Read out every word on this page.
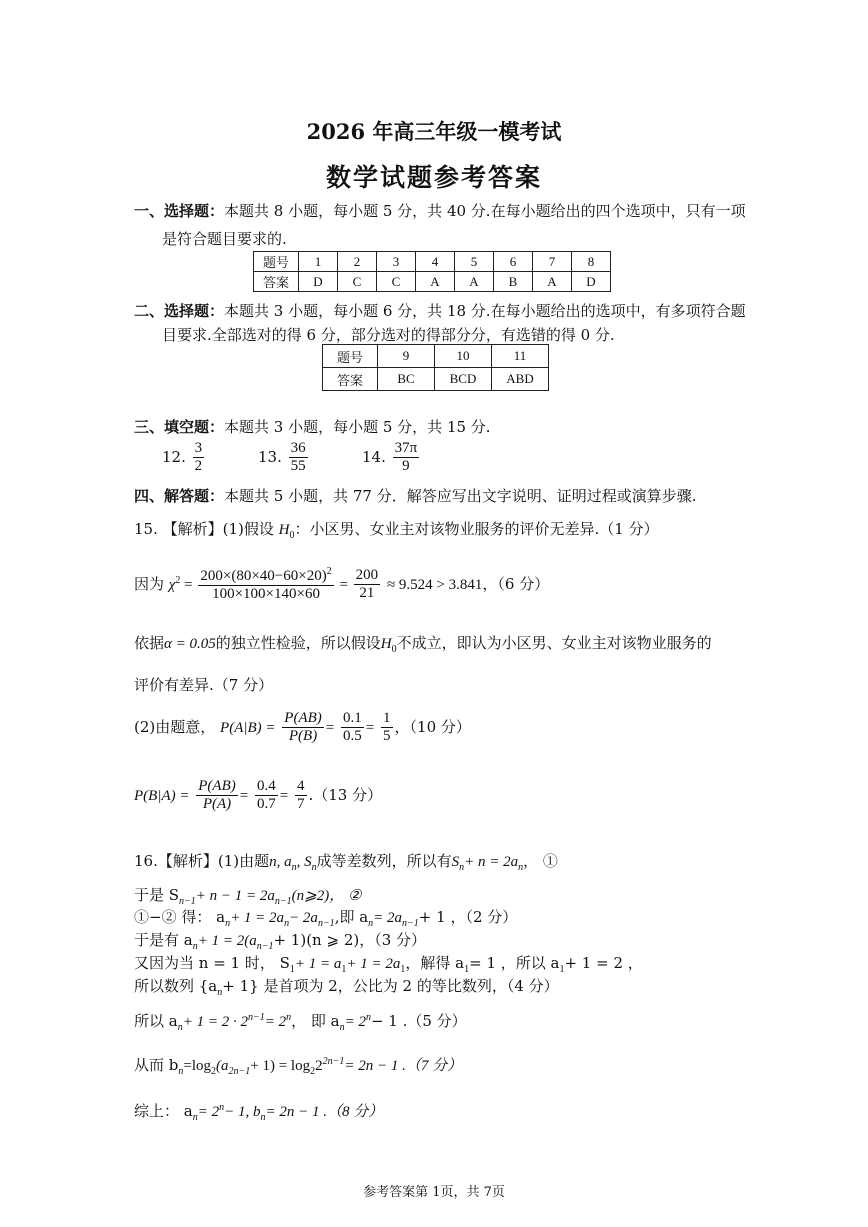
2026 年高三年级一模考试
数学试题参考答案
一、选择题：本题共 8 小题，每小题 5 分，共 40 分.在每小题给出的四个选项中，只有一项
是符合题目要求的.
题号	1	2	3	4	5	6	7	8
答案	D	C	C	A	A	B	A	D
二、选择题：本题共 3 小题，每小题 6 分，共 18 分.在每小题给出的选项中，有多项符合题
目要求.全部选对的得 6 分，部分选对的得部分分，有选错的得 0 分.
题号	9	10	11
答案	BC	BCD	ABD
三、填空题：本题共 3 小题，每小题 5 分，共 15 分.
12. $\frac{3}{2}$	13. $\frac{36}{55}$	14. $\frac{37\pi}{9}$
四、解答题：本题共 5 小题，共 77 分．解答应写出文字说明、证明过程或演算步骤.
15. 【解析】(1)假设 $H_0$：小区男、女业主对该物业服务的评价无差异.（1 分）
因为 $\chi^2 = \frac{200\times(80\times 40-60\times 20)^2}{100\times 100\times 140\times 60} = \frac{200}{21} \approx 9.524 > 3.841$，（6 分）
依据α = 0.05的独立性检验，所以假设$H_0$不成立，即认为小区男、女业主对该物业服务的
评价有差异.（7 分）
(2)由题意， $P(A|B) = \frac{P(AB)}{P(B)} = \frac{0.1}{0.5} = \frac{1}{5}$ ，（10 分）
$P(B|A) = \frac{P(AB)}{P(A)} = \frac{0.4}{0.7} = \frac{4}{7} .(13$ 分）
16.【解析】(1)由题n, $a_n$, $S_n$成等差数列，所以有$S_n+ n = 2a_n$， ①
于是 $S_{n-1}+ n - 1$ = $2a_{n-1}(n⩾2)$， ②
①−② 得： $a_n+ 1 = 2a_n- 2a_{n-1}$,即 $a_n= 2a_{n-1}+ 1$ ，（2 分）
于是有 $a_n+ 1 = 2(a_{n-1}+ 1)(n$ ⩾ 2)，（3 分）
又因为当 n = 1 时， $S_1+ 1 = a_1+ 1 = 2a_1$，解得 $a_1= 1$ ，所以 $a_1+ 1 = 2$ ，
所以数列 $\{a_n+ 1\}$ 是首项为 2，公比为 2 的等比数列，（4 分）
所以 $a_n+ 1 = 2 \cdot 2^{n-1}= 2^n$， 即 $a_n= 2^n- 1$ .（5 分）
从而 $b_n=\log_2(a_{2n-1}+ 1) = \log_22^{2n-1}= 2n - 1$ .（7 分）
综上： $a_n= 2^n- 1$, $b_n= 2n - 1$ .（8 分）
参考答案第 1页，共 7页
